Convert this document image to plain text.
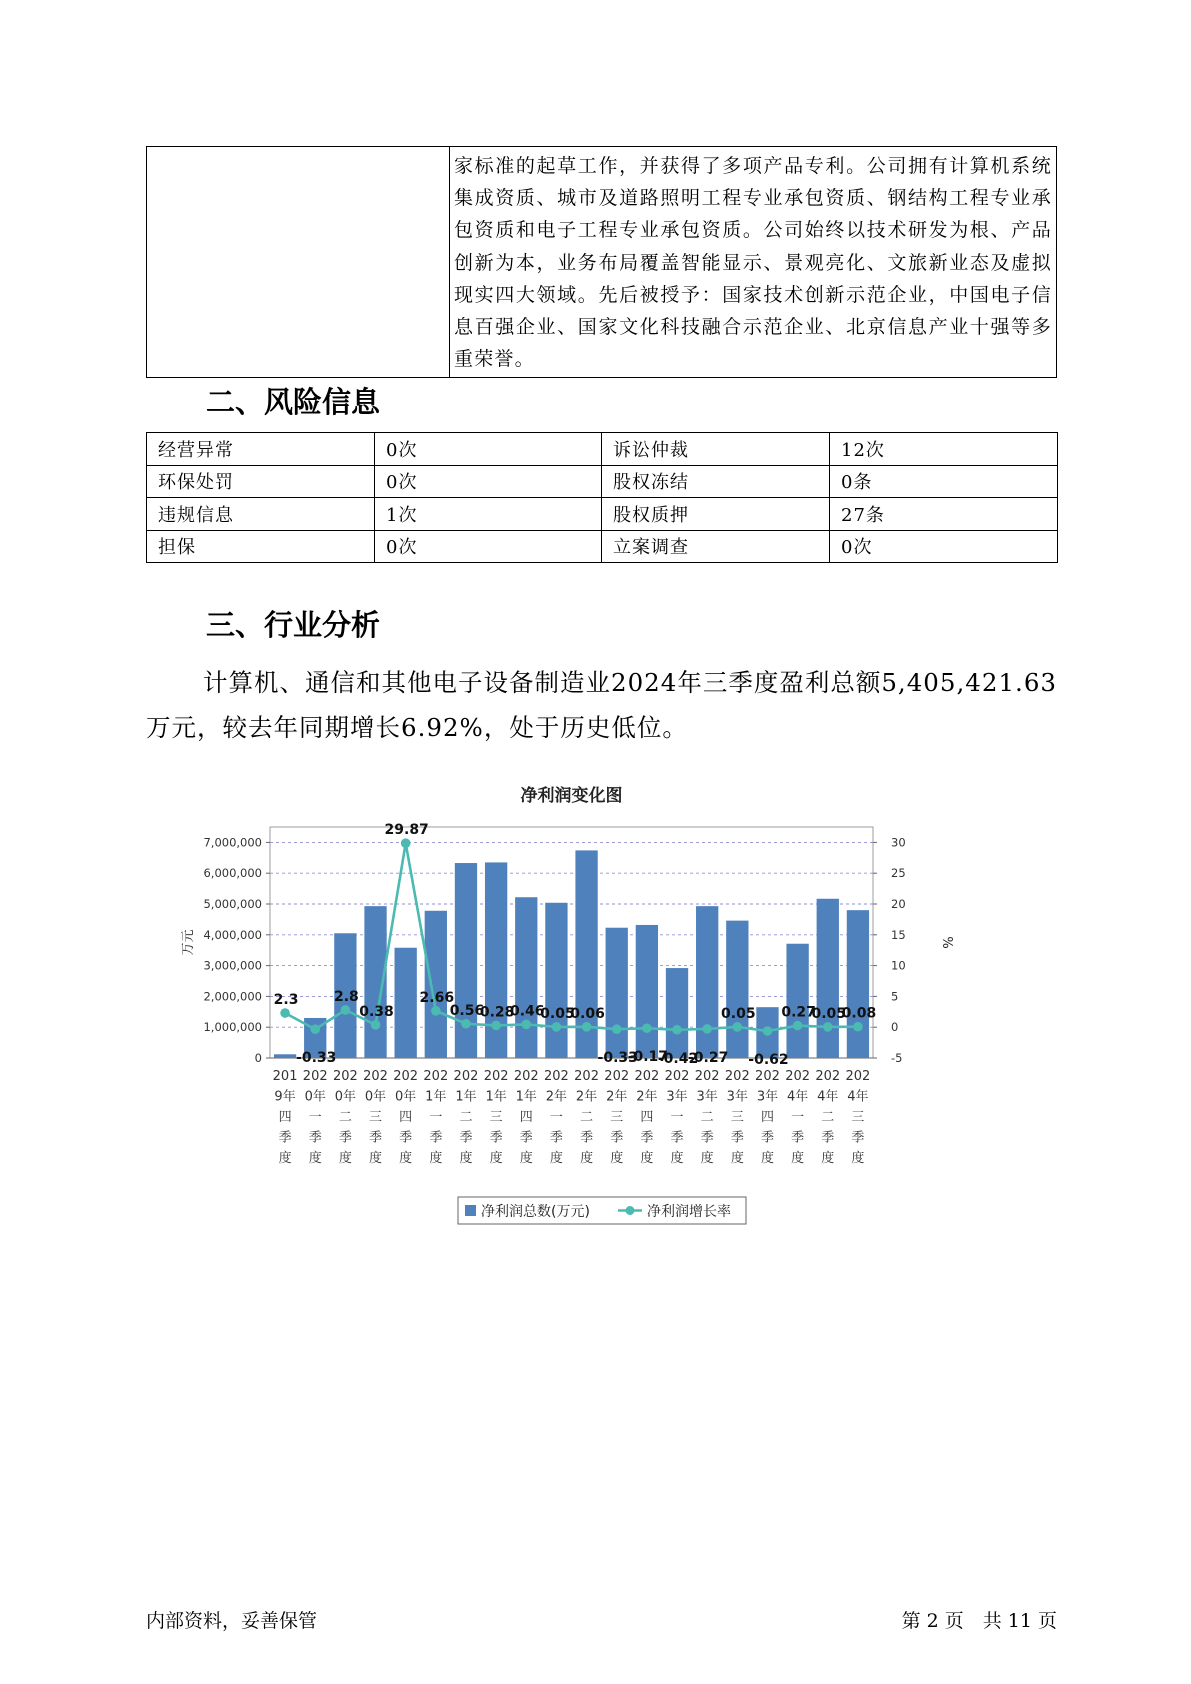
家标准的起草工作，并获得了多项产品专利。公司拥有计算机系统集成资质、城市及道路照明工程专业承包资质、钢结构工程专业承包资质和电子工程专业承包资质。公司始终以技术研发为根、产品创新为本，业务布局覆盖智能显示、景观亮化、文旅新业态及虚拟现实四大领域。先后被授予：国家技术创新示范企业，中国电子信息百强企业、国家文化科技融合示范企业、北京信息产业十强等多重荣誉。
二、风险信息
经营异常	0次	诉讼仲裁	12次
环保处罚	0次	股权冻结	0条
违规信息	1次	股权质押	27条
担保	0次	立案调查	0次
三、行业分析
计算机、通信和其他电子设备制造业2024年三季度盈利总额5,405,421.63万元，较去年同期增长6.92%，处于历史低位。
净利润变化图
0
1,000,000
2,000,000
3,000,000
4,000,000
5,000,000
6,000,000
7,000,000
-5
0
5
10
15
20
25
30
万元	%
201 9年四季度
202 0年一季度
202 0年二季度
202 0年三季度
202 0年四季度
202 1年一季度
202 1年二季度
202 1年三季度
202 1年四季度
202 2年一季度
202 2年二季度
202 2年三季度
202 2年四季度
202 3年一季度
202 3年二季度
202 3年三季度
202 3年四季度
202 4年一季度
202 4年二季度
202 4年三季度
2.3
-0.33
2.8
0.38
29.87
2.66
0.56
0.28
0.46
0.05
0.06
-0.33
-0.17
-0.42
-0.27
0.05
-0.62
0.27
0.05
0.08
净利润总数(万元)	净利润增长率
内部资料，妥善保管	第 2 页　共 11 页
